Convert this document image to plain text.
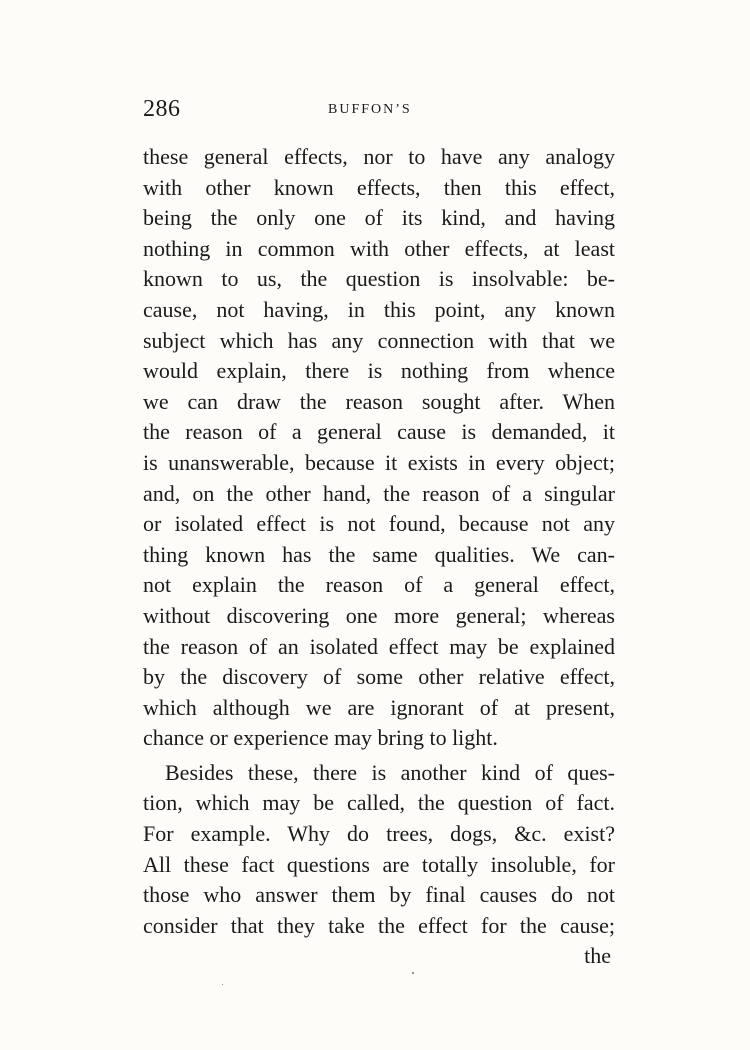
286	BUFFON’S
these general effects, nor to have any analogy
with other known effects, then this effect,
being the only one of its kind, and having
nothing in common with other effects, at least
known to us, the question is insolvable: be-
cause, not having, in this point, any known
subject which has any connection with that we
would explain, there is nothing from whence
we can draw the reason sought after. When
the reason of a general cause is demanded, it
is unanswerable, because it exists in every object;
and, on the other hand, the reason of a singular
or isolated effect is not found, because not any
thing known has the same qualities. We can-
not explain the reason of a general effect,
without discovering one more general; whereas
the reason of an isolated effect may be explained
by the discovery of some other relative effect,
which although we are ignorant of at present,
chance or experience may bring to light.
Besides these, there is another kind of ques-
tion, which may be called, the question of fact.
For example. Why do trees, dogs, &c. exist?
All these fact questions are totally insoluble, for
those who answer them by final causes do not
consider that they take the effect for the cause;
the
